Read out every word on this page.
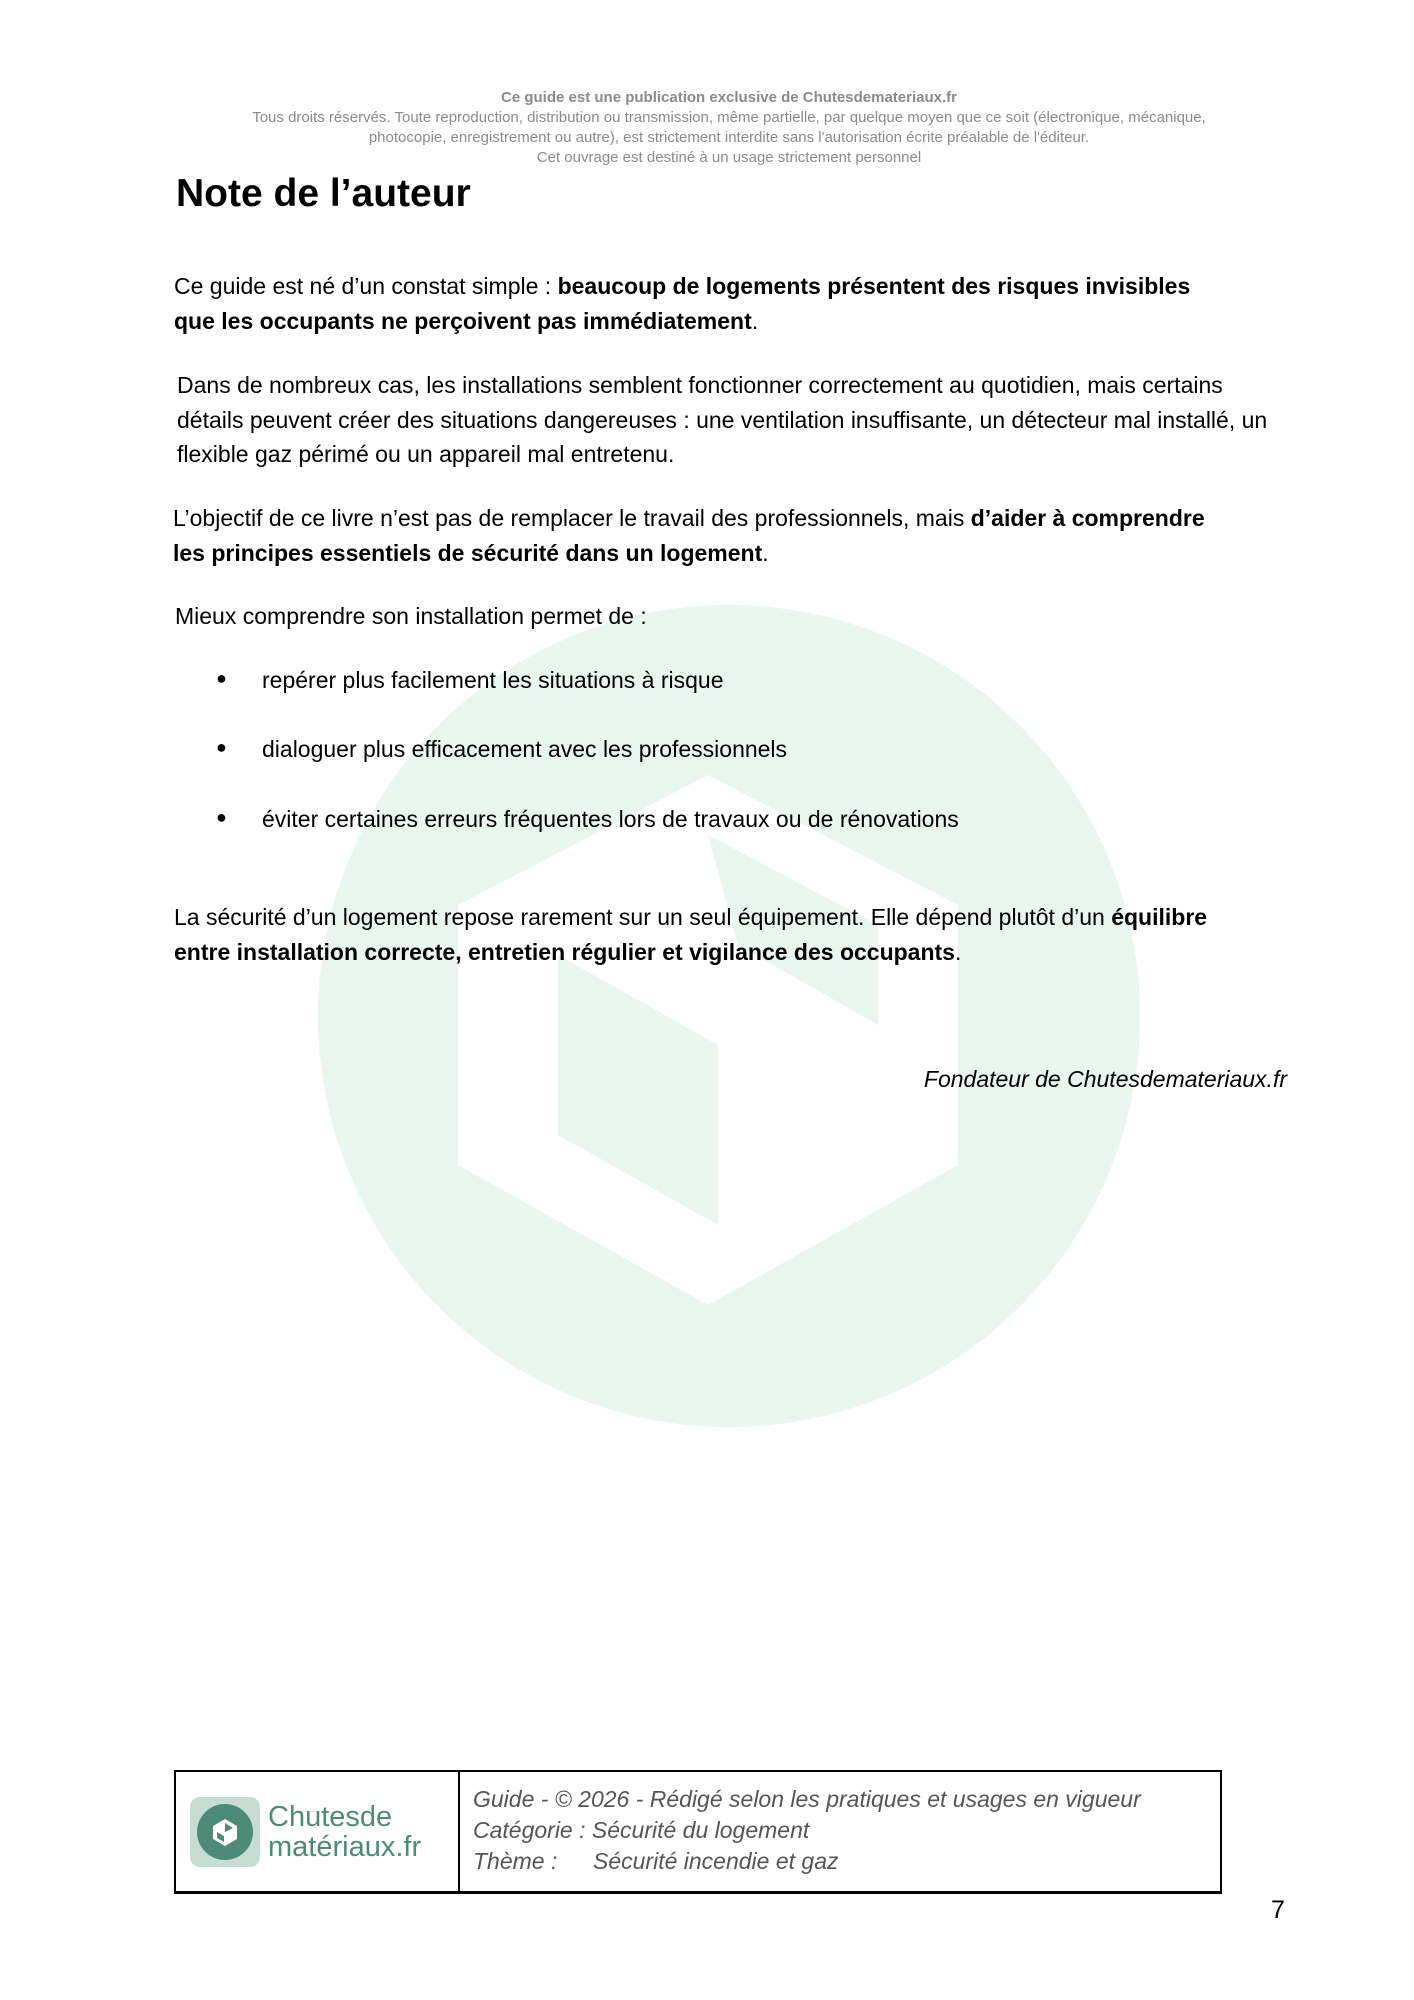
Ce guide est une publication exclusive de Chutesdemateriaux.fr
Tous droits réservés. Toute reproduction, distribution ou transmission, même partielle, par quelque moyen que ce soit (électronique, mécanique,
photocopie, enregistrement ou autre), est strictement interdite sans l'autorisation écrite préalable de l'éditeur.
Cet ouvrage est destiné à un usage strictement personnel
Note de l’auteur
Ce guide est né d’un constat simple : beaucoup de logements présentent des risques invisibles que les occupants ne perçoivent pas immédiatement.
Dans de nombreux cas, les installations semblent fonctionner correctement au quotidien, mais certains détails peuvent créer des situations dangereuses : une ventilation insuffisante, un détecteur mal installé, un flexible gaz périmé ou un appareil mal entretenu.
L’objectif de ce livre n’est pas de remplacer le travail des professionnels, mais d’aider à comprendre les principes essentiels de sécurité dans un logement.
Mieux comprendre son installation permet de :
● repérer plus facilement les situations à risque
● dialoguer plus efficacement avec les professionnels
● éviter certaines erreurs fréquentes lors de travaux ou de rénovations
La sécurité d’un logement repose rarement sur un seul équipement. Elle dépend plutôt d’un équilibre entre installation correcte, entretien régulier et vigilance des occupants.
Fondateur de Chutesdemateriaux.fr
Chutesde
matériaux.fr
Guide - © 2026 - Rédigé selon les pratiques et usages en vigueur
Catégorie : Sécurité du logement
Thème : Sécurité incendie et gaz
7
